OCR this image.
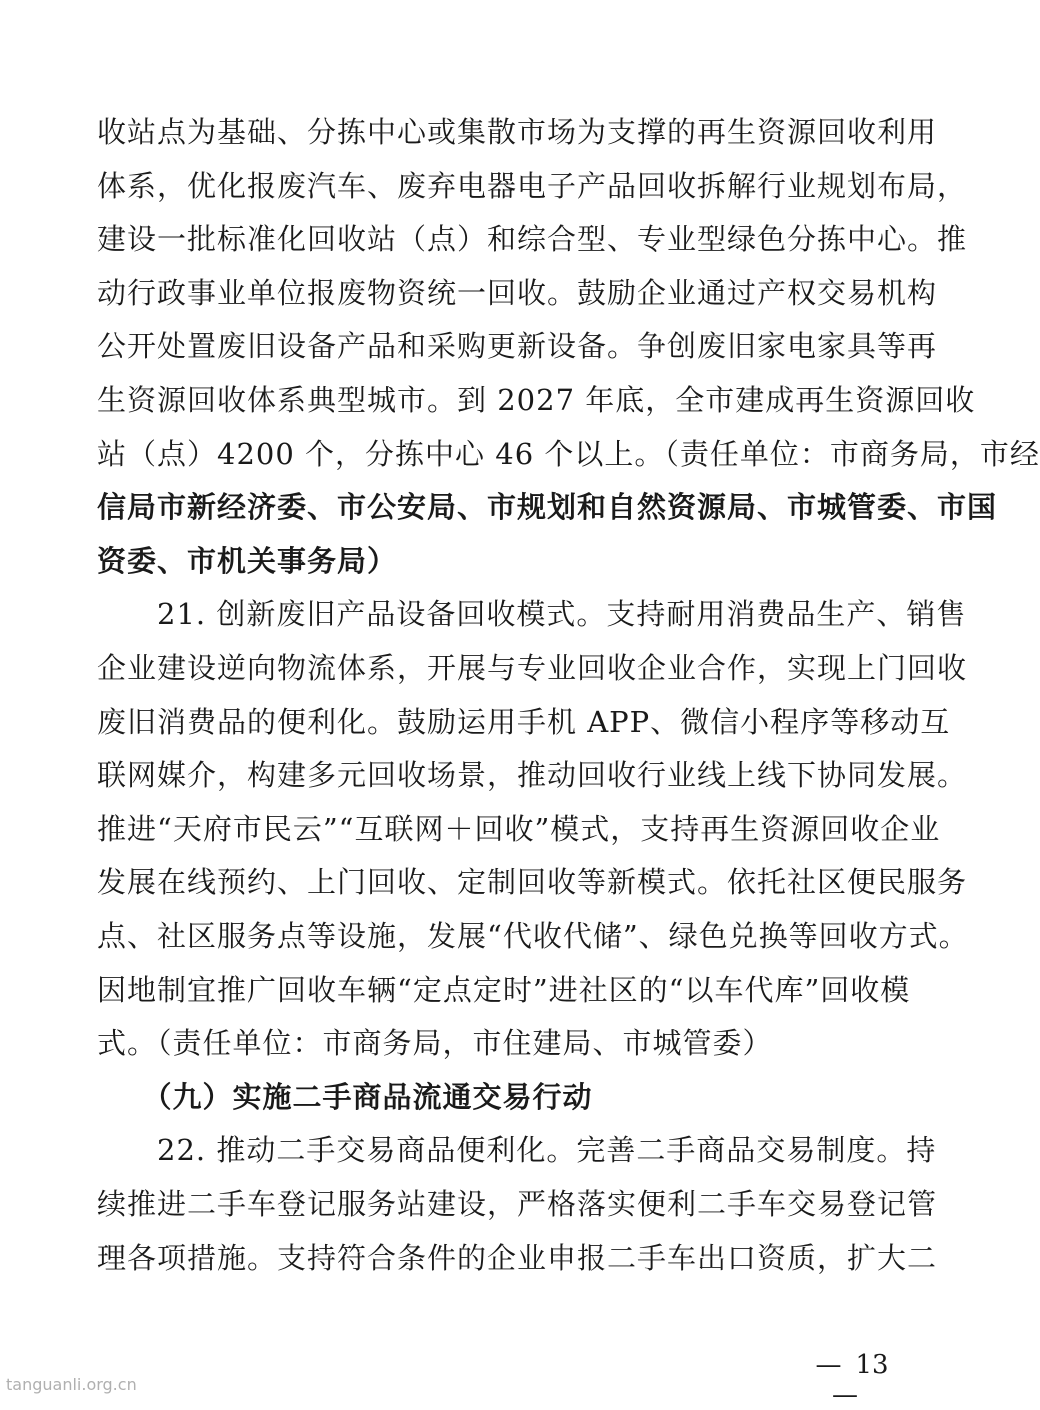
收站点为基础、分拣中心或集散市场为支撑的再生资源回收利用
体系，优化报废汽车、废弃电器电子产品回收拆解行业规划布局，
建设一批标准化回收站（点）和综合型、专业型绿色分拣中心。推
动行政事业单位报废物资统一回收。鼓励企业通过产权交易机构
公开处置废旧设备产品和采购更新设备。争创废旧家电家具等再
生资源回收体系典型城市。到 2027 年底，全市建成再生资源回收
站（点）4200 个，分拣中心 46 个以上。（责任单位：市商务局，市经
信局市新经济委、市公安局、市规划和自然资源局、市城管委、市国
资委、市机关事务局）
　　21. 创新废旧产品设备回收模式。支持耐用消费品生产、销售
企业建设逆向物流体系，开展与专业回收企业合作，实现上门回收
废旧消费品的便利化。鼓励运用手机 APP、微信小程序等移动互
联网媒介，构建多元回收场景，推动回收行业线上线下协同发展。
推进“天府市民云”“互联网＋回收”模式，支持再生资源回收企业
发展在线预约、上门回收、定制回收等新模式。依托社区便民服务
点、社区服务点等设施，发展“代收代储”、绿色兑换等回收方式。
因地制宜推广回收车辆“定点定时”进社区的“以车代库”回收模
式。（责任单位：市商务局，市住建局、市城管委）
　　（九）实施二手商品流通交易行动
　　22. 推动二手交易商品便利化。完善二手商品交易制度。持
续推进二手车登记服务站建设，严格落实便利二手车交易登记管
理各项措施。支持符合条件的企业申报二手车出口资质，扩大二
— 13—
tanguanli.org.cn
